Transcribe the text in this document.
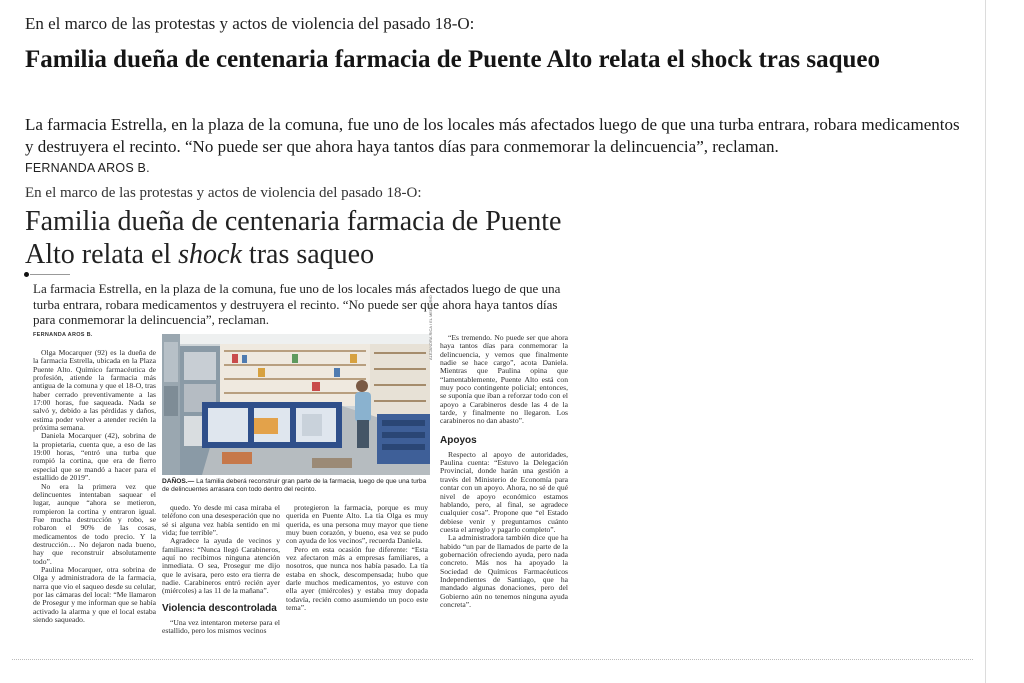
En el marco de las protestas y actos de violencia del pasado 18-O:
Familia dueña de centenaria farmacia de Puente Alto relata el shock tras saqueo
La farmacia Estrella, en la plaza de la comuna, fue uno de los locales más afectados luego de que una turba entrara, robara medicamentos y destruyera el recinto. “No puede ser que ahora haya tantos días para conmemorar la delincuencia”, reclaman.
FERNANDA AROS B.
En el marco de las protestas y actos de violencia del pasado 18-O:
Familia dueña de centenaria farmacia de Puente Alto relata el shock tras saqueo
La farmacia Estrella, en la plaza de la comuna, fue uno de los locales más afectados luego de que una turba entrara, robara medicamentos y destruyera el recinto. “No puede ser que ahora haya tantos días para conmemorar la delincuencia”, reclaman.
FERNANDA AROS B.

Olga Mocarquer (92) es la dueña de la farmacia Estrella, ubicada en la Plaza Puente Alto. Químico farmacéutica de profesión, atiende la farmacia más antigua de la comuna y que el 18-O, tras haber cerrado preventivamente a las 17:00 horas, fue saqueada. Nada se salvó y, debido a las pérdidas y daños, estima poder volver a atender recién la próxima semana.

Daniela Mocarquer (42), sobrina de la propietaria, cuenta que, a eso de las 19:00 horas, “entró una turba que rompió la cortina, que era de fierro especial que se mandó a hacer para el estallido de 2019”.

No era la primera vez que delincuentes intentaban saquear el lugar, aunque “ahora se metieron, rompieron la cortina y entraron igual. Fue mucha destrucción y robo, se robaron el 90% de las cosas, medicamentos de todo precio. Y la destrucción… No dejaron nada bueno, hay que reconstruir absolutamente todo”.

Paulina Mocarquer, otra sobrina de Olga y administradora de la farmacia, narra que vio el saqueo desde su celular, por las cámaras del local: “Me llamaron de Prosegur y me informan que se había activado la alarma y que el local estaba siendo saqueado.

ALEJANDRA RICA / EL MERCURIO
DAÑOS.— La familia deberá reconstruir gran parte de la farmacia, luego de que una turba de delincuentes arrasara con todo dentro del recinto.

quedo. Yo desde mi casa miraba el teléfono con una desesperación que no sé si alguna vez había sentido en mi vida; fue terrible”.

Agradece la ayuda de vecinos y familiares: “Nunca llegó Carabineros, aquí no recibimos ninguna atención inmediata. O sea, Prosegur me dijo que le avisara, pero esto era tierra de nadie. Carabineros entró recién ayer (miércoles) a las 11 de la mañana”.

Violencia descontrolada

“Una vez intentaron meterse para el estallido, pero los mismos vecinos

protegieron la farmacia, porque es muy querida en Puente Alto. La tía Olga es muy querida, es una persona muy mayor que tiene muy buen corazón, y bueno, esa vez se pudo con ayuda de los vecinos”, recuerda Daniela.

Pero en esta ocasión fue diferente: “Esta vez afectaron más a empresas familiares, a nosotros, que nunca nos había pasado. La tía estaba en shock, descompensada; hubo que darle muchos medicamentos, yo estuve con ella ayer (miércoles) y estaba muy dopada todavía, recién como asumiendo un poco este tema”.

“Es tremendo. No puede ser que ahora haya tantos días para conmemorar la delincuencia, y vemos que finalmente nadie se hace cargo”, acota Daniela. Mientras que Paulina opina que “lamentablemente, Puente Alto está con muy poco contingente policial; entonces, se suponía que iban a reforzar todo con el apoyo a Carabineros desde las 4 de la tarde, y finalmente no llegaron. Los carabineros no dan abasto”.

Apoyos

Respecto al apoyo de autoridades, Paulina cuenta: “Estuvo la Delegación Provincial, donde harán una gestión a través del Ministerio de Economía para contar con un apoyo. Ahora, no sé de qué nivel de apoyo económico estamos hablando, pero, al final, se agradece cualquier cosa”. Propone que “el Estado debiese venir y preguntarnos cuánto cuesta el arreglo y pagarlo completo”.

La administradora también dice que ha habido “un par de llamados de parte de la gobernación ofreciendo ayuda, pero nada concreto. Más nos ha apoyado la Sociedad de Químicos Farmacéuticos Independientes de Santiago, que ha mandado algunas donaciones, pero del Gobierno aún no tenemos ninguna ayuda concreta”.
